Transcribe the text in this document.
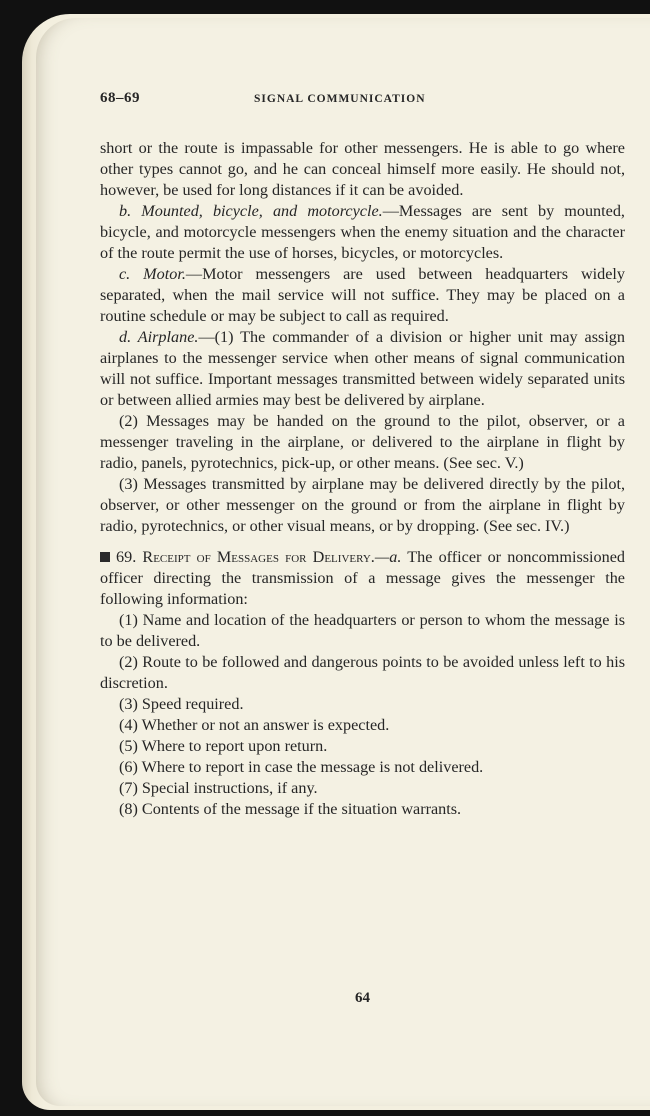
68–69	SIGNAL COMMUNICATION

short or the route is impassable for other messengers. He is able to go where other types cannot go, and he can conceal himself more easily. He should not, however, be used for long distances if it can be avoided.

b. Mounted, bicycle, and motorcycle.—Messages are sent by mounted, bicycle, and motorcycle messengers when the enemy situation and the character of the route permit the use of horses, bicycles, or motorcycles.

c. Motor.—Motor messengers are used between headquarters widely separated, when the mail service will not suffice. They may be placed on a routine schedule or may be subject to call as required.

d. Airplane.—(1) The commander of a division or higher unit may assign airplanes to the messenger service when other means of signal communication will not suffice. Important messages transmitted between widely separated units or between allied armies may best be delivered by airplane.

(2) Messages may be handed on the ground to the pilot, observer, or a messenger traveling in the airplane, or delivered to the airplane in flight by radio, panels, pyrotechnics, pick-up, or other means. (See sec. V.)

(3) Messages transmitted by airplane may be delivered directly by the pilot, observer, or other messenger on the ground or from the airplane in flight by radio, pyrotechnics, or other visual means, or by dropping. (See sec. IV.)

69. Receipt of Messages for Delivery.—a. The officer or noncommissioned officer directing the transmission of a message gives the messenger the following information:

(1) Name and location of the headquarters or person to whom the message is to be delivered.

(2) Route to be followed and dangerous points to be avoided unless left to his discretion.

(3) Speed required.

(4) Whether or not an answer is expected.

(5) Where to report upon return.

(6) Where to report in case the message is not delivered.

(7) Special instructions, if any.

(8) Contents of the message if the situation warrants.

64
